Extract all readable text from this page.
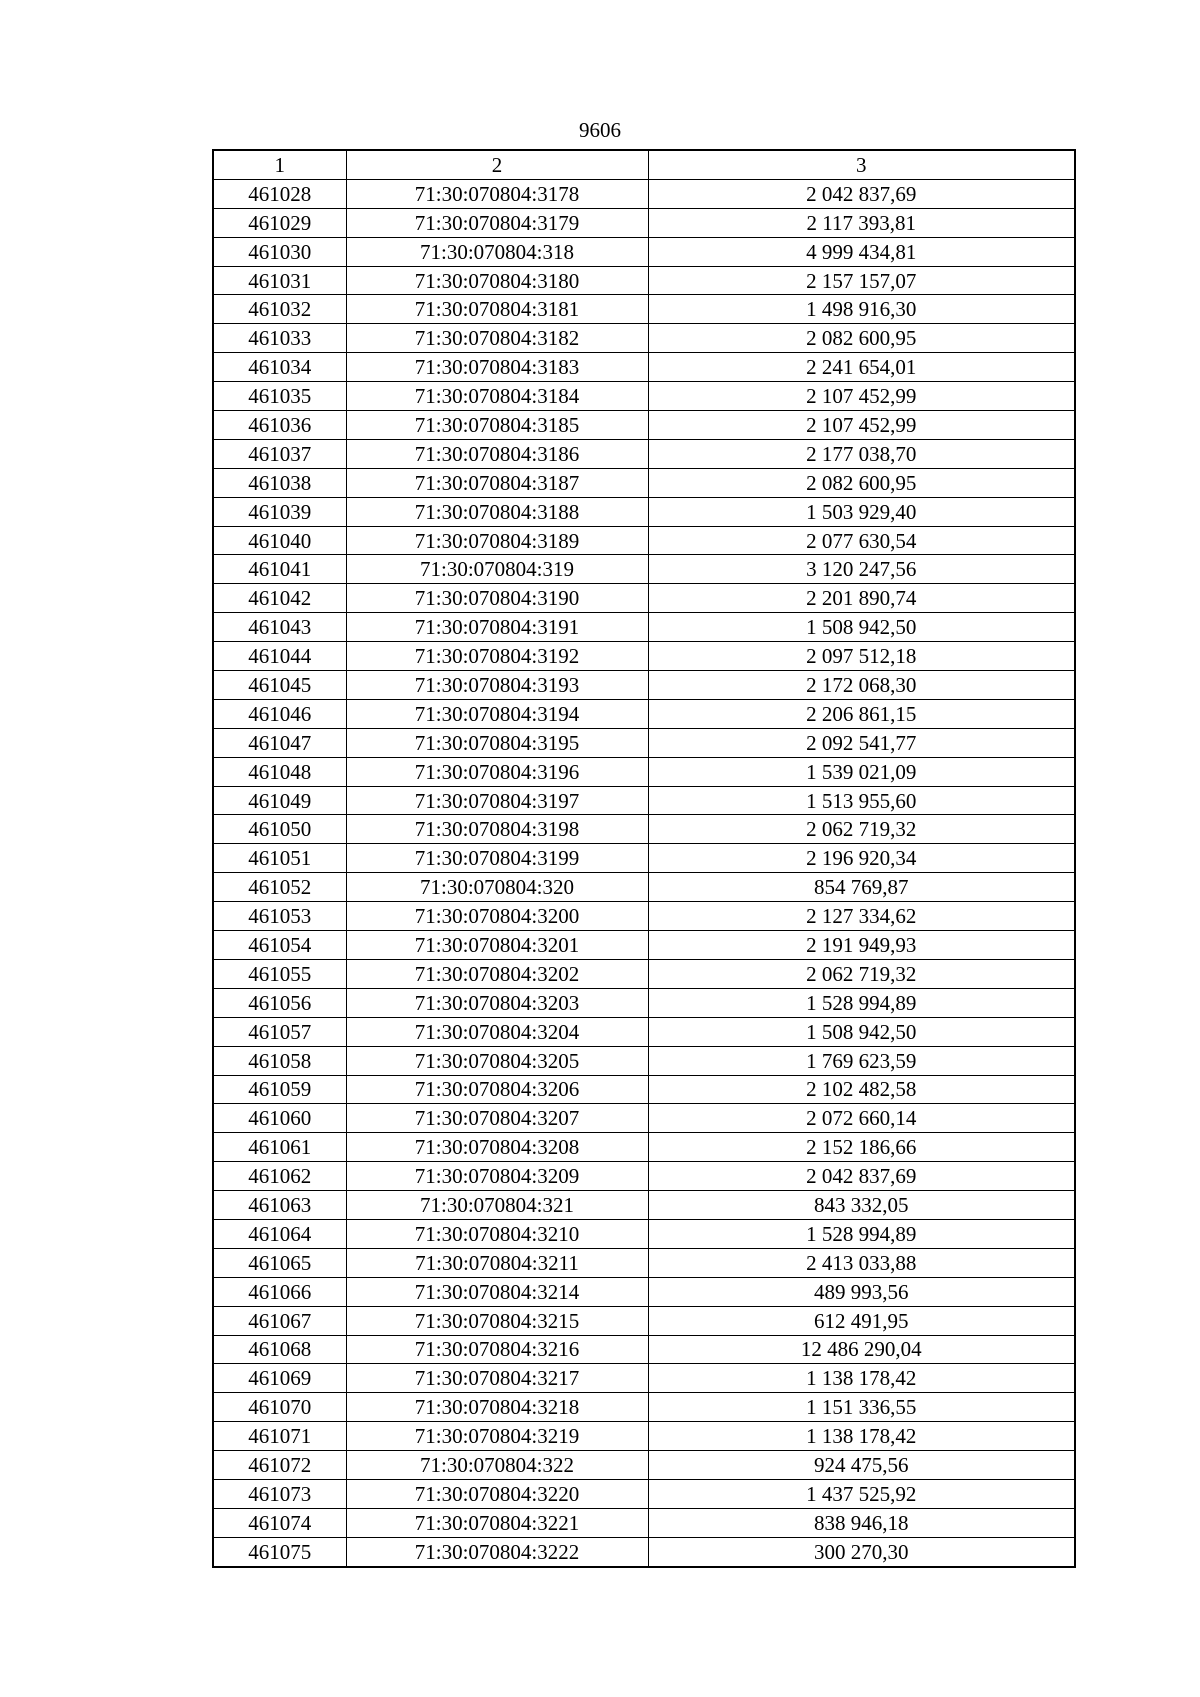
9606
1	2	3
461028	71:30:070804:3178	2 042 837,69
461029	71:30:070804:3179	2 117 393,81
461030	71:30:070804:318	4 999 434,81
461031	71:30:070804:3180	2 157 157,07
461032	71:30:070804:3181	1 498 916,30
461033	71:30:070804:3182	2 082 600,95
461034	71:30:070804:3183	2 241 654,01
461035	71:30:070804:3184	2 107 452,99
461036	71:30:070804:3185	2 107 452,99
461037	71:30:070804:3186	2 177 038,70
461038	71:30:070804:3187	2 082 600,95
461039	71:30:070804:3188	1 503 929,40
461040	71:30:070804:3189	2 077 630,54
461041	71:30:070804:319	3 120 247,56
461042	71:30:070804:3190	2 201 890,74
461043	71:30:070804:3191	1 508 942,50
461044	71:30:070804:3192	2 097 512,18
461045	71:30:070804:3193	2 172 068,30
461046	71:30:070804:3194	2 206 861,15
461047	71:30:070804:3195	2 092 541,77
461048	71:30:070804:3196	1 539 021,09
461049	71:30:070804:3197	1 513 955,60
461050	71:30:070804:3198	2 062 719,32
461051	71:30:070804:3199	2 196 920,34
461052	71:30:070804:320	854 769,87
461053	71:30:070804:3200	2 127 334,62
461054	71:30:070804:3201	2 191 949,93
461055	71:30:070804:3202	2 062 719,32
461056	71:30:070804:3203	1 528 994,89
461057	71:30:070804:3204	1 508 942,50
461058	71:30:070804:3205	1 769 623,59
461059	71:30:070804:3206	2 102 482,58
461060	71:30:070804:3207	2 072 660,14
461061	71:30:070804:3208	2 152 186,66
461062	71:30:070804:3209	2 042 837,69
461063	71:30:070804:321	843 332,05
461064	71:30:070804:3210	1 528 994,89
461065	71:30:070804:3211	2 413 033,88
461066	71:30:070804:3214	489 993,56
461067	71:30:070804:3215	612 491,95
461068	71:30:070804:3216	12 486 290,04
461069	71:30:070804:3217	1 138 178,42
461070	71:30:070804:3218	1 151 336,55
461071	71:30:070804:3219	1 138 178,42
461072	71:30:070804:322	924 475,56
461073	71:30:070804:3220	1 437 525,92
461074	71:30:070804:3221	838 946,18
461075	71:30:070804:3222	300 270,30
